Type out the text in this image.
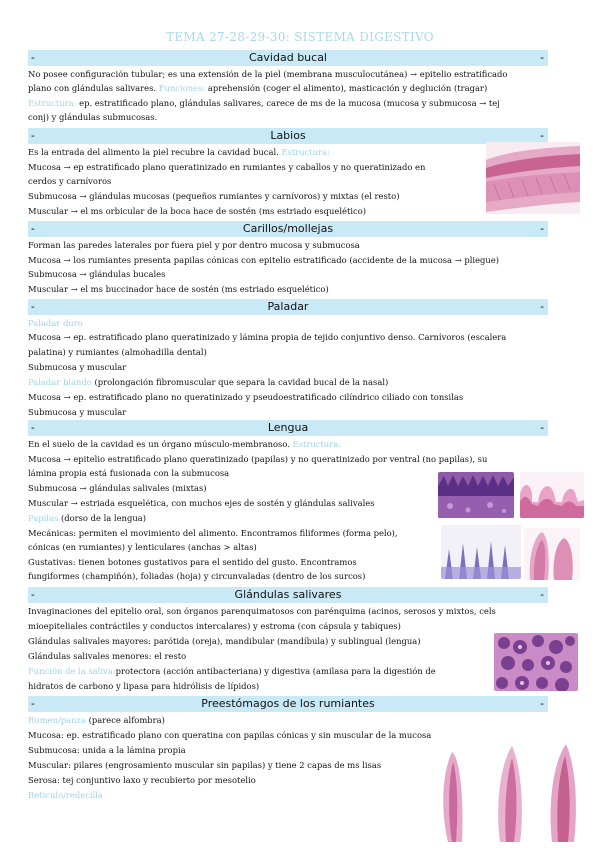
TEMA 27-28-29-30: SISTEMA DIGESTIVO
-	Cavidad bucal	-
No posee configuración tubular; es una extensión de la piel (membrana musculocutánea) → epitelio estratificado
plano con glándulas salivares. Funciones: aprehensión (coger el alimento), masticación y deglución (tragar)
Estructura: ep. estratificado plano, glándulas salivares, carece de ms de la mucosa (mucosa y submucosa → tej
conj) y glándulas submucosas.
-	Labios	-
Es la entrada del alimento la piel recubre la cavidad bucal. Estructura:
Mucosa → ep estratificado plano queratinizado en rumiantes y caballos y no queratinizado en
cerdos y carnívoros
Submucosa → glándulas mucosas (pequeños rumiantes y carnívoros) y mixtas (el resto)
Muscular → el ms orbicular de la boca hace de sostén (ms estriado esquelético)
-	Carillos/mollejas	-
Forman las paredes laterales por fuera piel y por dentro mucosa y submucosa
Mucosa → los rumiantes presenta papilas cónicas con epitelio estratificado (accidente de la mucosa → pliegue)
Submucosa → glándulas bucales
Muscular → el ms buccinador hace de sostén (ms estriado esquelético)
-	Paladar	-
Paladar duro
Mucosa → ep. estratificado plano queratinizado y lámina propia de tejido conjuntivo denso. Carnívoros (escalera
palatina) y rumiantes (almohadilla dental)
Submucosa y muscular
Paladar blando (prolongación fibromuscular que separa la cavidad bucal de la nasal)
Mucosa → ep. estratificado plano no queratinizado y pseudoestratificado cilíndrico ciliado con tonsilas
Submucosa y muscular
-	Lengua	-
En el suelo de la cavidad es un órgano músculo-membranoso. Estructura:
Mucosa → epitelio estratificado plano queratinizado (papilas) y no queratinizado por ventral (no papilas), su
lámina propia está fusionada con la submucosa
Submucosa → glándulas salivales (mixtas)
Muscular → estriada esquelética, con muchos ejes de sostén y glándulas salivales
Papilas (dorso de la lengua)
Mecánicas: permiten el movimiento del alimento. Encontramos filiformes (forma pelo),
cónicas (en rumiantes) y lenticulares (anchas > altas)
Gustativas: tienen botones gustativos para el sentido del gusto. Encontramos
fungiformes (champiñón), foliadas (hoja) y circunvaladas (dentro de los surcos)
-	Glándulas salivares	-
Invaginaciones del epitelio oral, son órganos parenquimatosos con parénquima (acinos, serosos y mixtos, cels
mioepiteliales contráctiles y conductos intercalares) y estroma (con cápsula y tabiques)
Glándulas salivales mayores: parótida (oreja), mandibular (mandíbula) y sublingual (lengua)
Glándulas salivales menores: el resto
Función de la saliva:protectora (acción antibacteriana) y digestiva (amilasa para la digestión de
hidratos de carbono y lipasa para hidrólisis de lípidos)
-	Preestómagos de los rumiantes	-
Rumen/panza (parece alfombra)
Mucosa: ep. estratificado plano con queratina con papilas cónicas y sin muscular de la mucosa
Submucosa: unida a la lámina propia
Muscular: pilares (engrosamiento muscular sin papilas) y tiene 2 capas de ms lisas
Serosa: tej conjuntivo laxo y recubierto por mesotelio
Retículo/redecilla
